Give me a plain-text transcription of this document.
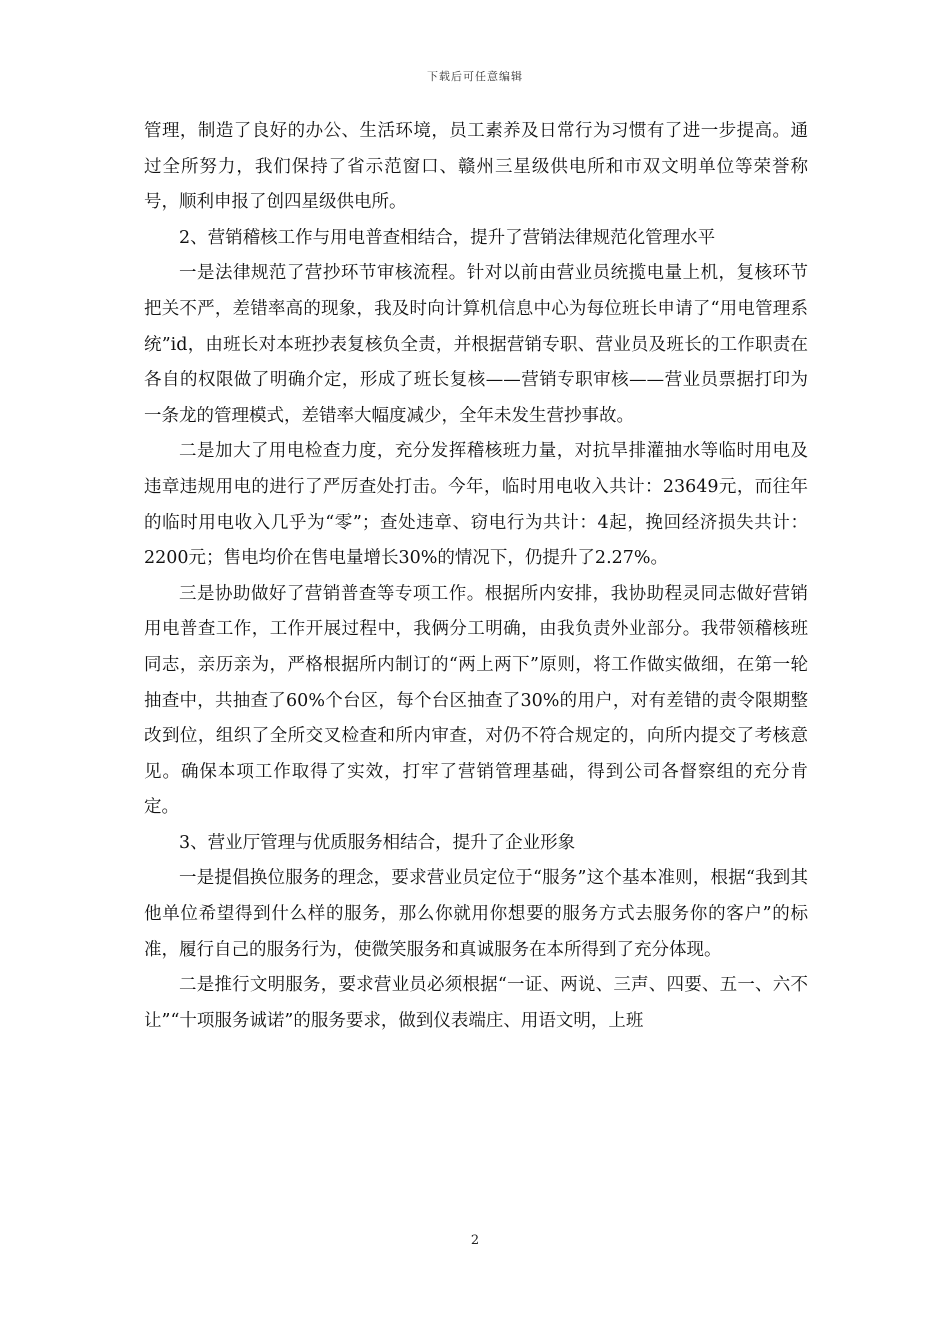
下载后可任意编辑

管理，制造了良好的办公、生活环境，员工素养及日常行为习惯有了进一步提高。通过全所努力，我们保持了省示范窗口、赣州三星级供电所和市双文明单位等荣誉称号，顺利申报了创四星级供电所。

2、营销稽核工作与用电普查相结合，提升了营销法律规范化管理水平

一是法律规范了营抄环节审核流程。针对以前由营业员统揽电量上机，复核环节把关不严，差错率高的现象，我及时向计算机信息中心为每位班长申请了“用电管理系统”id，由班长对本班抄表复核负全责，并根据营销专职、营业员及班长的工作职责在各自的权限做了明确介定，形成了班长复核——营销专职审核——营业员票据打印为一条龙的管理模式，差错率大幅度减少，全年未发生营抄事故。

二是加大了用电检查力度，充分发挥稽核班力量，对抗旱排灌抽水等临时用电及违章违规用电的进行了严厉查处打击。今年，临时用电收入共计：23649元，而往年的临时用电收入几乎为“零”；查处违章、窃电行为共计：4起，挽回经济损失共计：2200元；售电均价在售电量增长30%的情况下，仍提升了2.27%。

三是协助做好了营销普查等专项工作。根据所内安排，我协助程灵同志做好营销用电普查工作，工作开展过程中，我俩分工明确，由我负责外业部分。我带领稽核班同志，亲历亲为，严格根据所内制订的“两上两下”原则，将工作做实做细，在第一轮抽查中，共抽查了60%个台区，每个台区抽查了30%的用户，对有差错的责令限期整改到位，组织了全所交叉检查和所内审查，对仍不符合规定的，向所内提交了考核意见。确保本项工作取得了实效，打牢了营销管理基础，得到公司各督察组的充分肯定。

3、营业厅管理与优质服务相结合，提升了企业形象

一是提倡换位服务的理念，要求营业员定位于“服务”这个基本准则，根据“我到其他单位希望得到什么样的服务，那么你就用你想要的服务方式去服务你的客户”的标准，履行自己的服务行为，使微笑服务和真诚服务在本所得到了充分体现。

二是推行文明服务，要求营业员必须根据“一证、两说、三声、四要、五一、六不让”“十项服务诚诺”的服务要求，做到仪表端庄、用语文明，上班

2
